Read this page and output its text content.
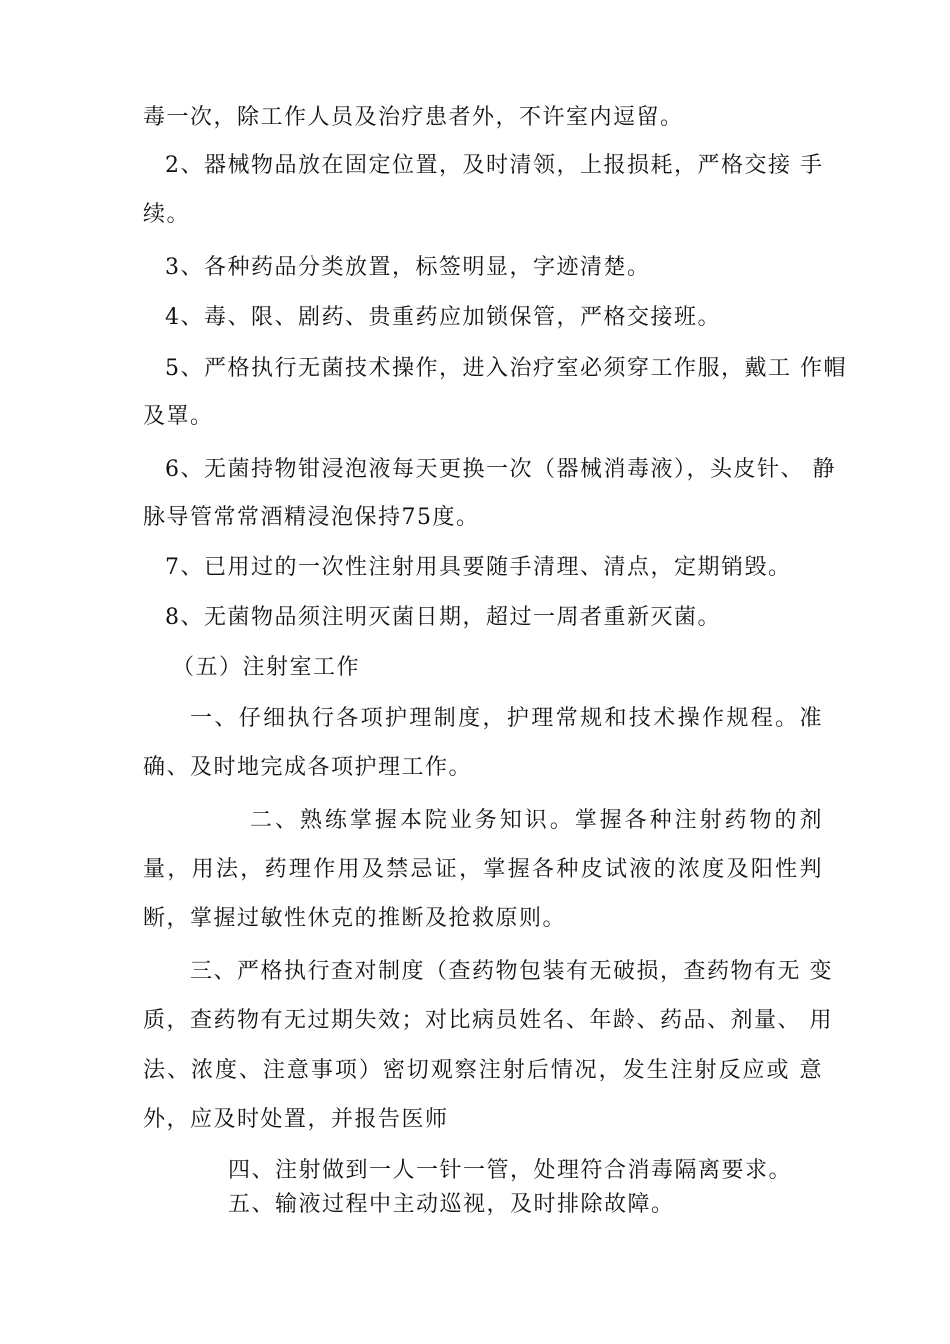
毒一次，除工作人员及治疗患者外，不许室内逗留。

2、器械物品放在固定位置，及时清领，上报损耗，严格交接 手

续。

3、各种药品分类放置，标签明显，字迹清楚。

4、毒、限、剧药、贵重药应加锁保管，严格交接班。

5、严格执行无菌技术操作，进入治疗室必须穿工作服，戴工 作帽

及罩。

6、无菌持物钳浸泡液每天更换一次（器械消毒液），头皮针、 静

脉导管常常酒精浸泡保持75度。

7、已用过的一次性注射用具要随手清理、清点，定期销毁。

8、无菌物品须注明灭菌日期，超过一周者重新灭菌。

（五）注射室工作

一、仔细执行各项护理制度，护理常规和技术操作规程。准

确、及时地完成各项护理工作。

二、熟练掌握本院业务知识。掌握各种注射药物的剂

量，用法，药理作用及禁忌证，掌握各种皮试液的浓度及阳性判

断，掌握过敏性休克的推断及抢救原则。

三、严格执行查对制度（查药物包装有无破损，查药物有无 变

质，查药物有无过期失效；对比病员姓名、年龄、药品、剂量、 用

法、浓度、注意事项）密切观察注射后情况，发生注射反应或 意

外，应及时处置，并报告医师

四、注射做到一人一针一管，处理符合消毒隔离要求。

五、输液过程中主动巡视，及时排除故障。
